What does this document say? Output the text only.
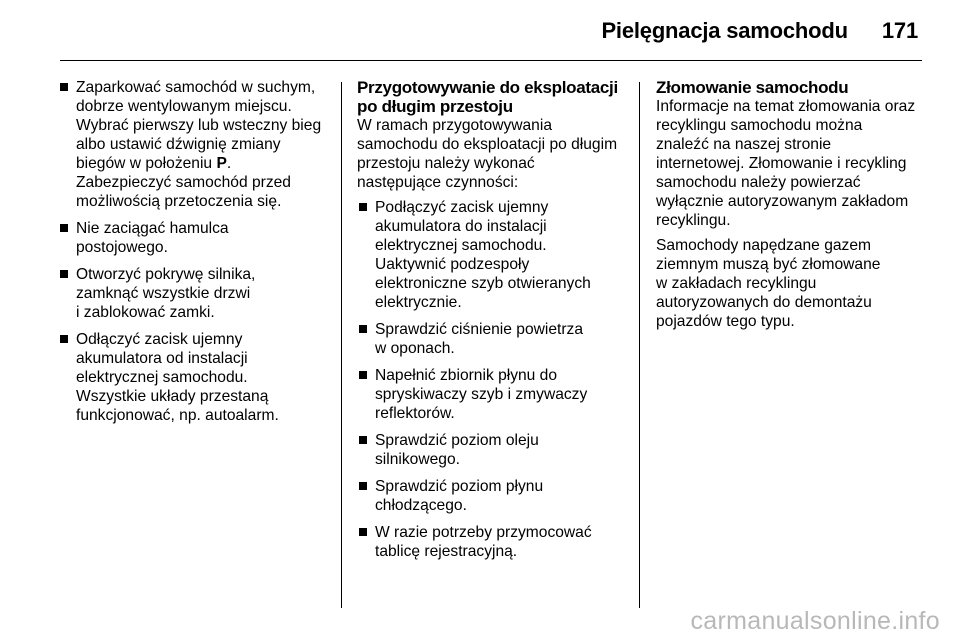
Pielęgnacja samochodu 171
Zaparkować samochód w suchym,
dobrze wentylowanym miejscu.
Wybrać pierwszy lub wsteczny bieg
albo ustawić dźwignię zmiany
biegów w położeniu P.
Zabezpieczyć samochód przed
możliwością przetoczenia się.
Nie zaciągać hamulca
postojowego.
Otworzyć pokrywę silnika,
zamknąć wszystkie drzwi
i zablokować zamki.
Odłączyć zacisk ujemny
akumulatora od instalacji
elektrycznej samochodu.
Wszystkie układy przestaną
funkcjonować, np. autoalarm.
Przygotowywanie do eksploatacji
po długim przestoju

W ramach przygotowywania
samochodu do eksploatacji po długim
przestoju należy wykonać
następujące czynności:

Podłączyć zacisk ujemny
akumulatora do instalacji
elektrycznej samochodu.
Uaktywnić podzespoły
elektroniczne szyb otwieranych
elektrycznie.
Sprawdzić ciśnienie powietrza
w oponach.
Napełnić zbiornik płynu do
spryskiwaczy szyb i zmywaczy
reflektorów.
Sprawdzić poziom oleju
silnikowego.
Sprawdzić poziom płynu
chłodzącego.
W razie potrzeby przymocować
tablicę rejestracyjną.
Złomowanie samochodu

Informacje na temat złomowania oraz
recyklingu samochodu można
znaleźć na naszej stronie
internetowej. Złomowanie i recykling
samochodu należy powierzać
wyłącznie autoryzowanym zakładom
recyklingu.

Samochody napędzane gazem
ziemnym muszą być złomowane
w zakładach recyklingu
autoryzowanych do demontażu
pojazdów tego typu.

carmanualsonline.info
